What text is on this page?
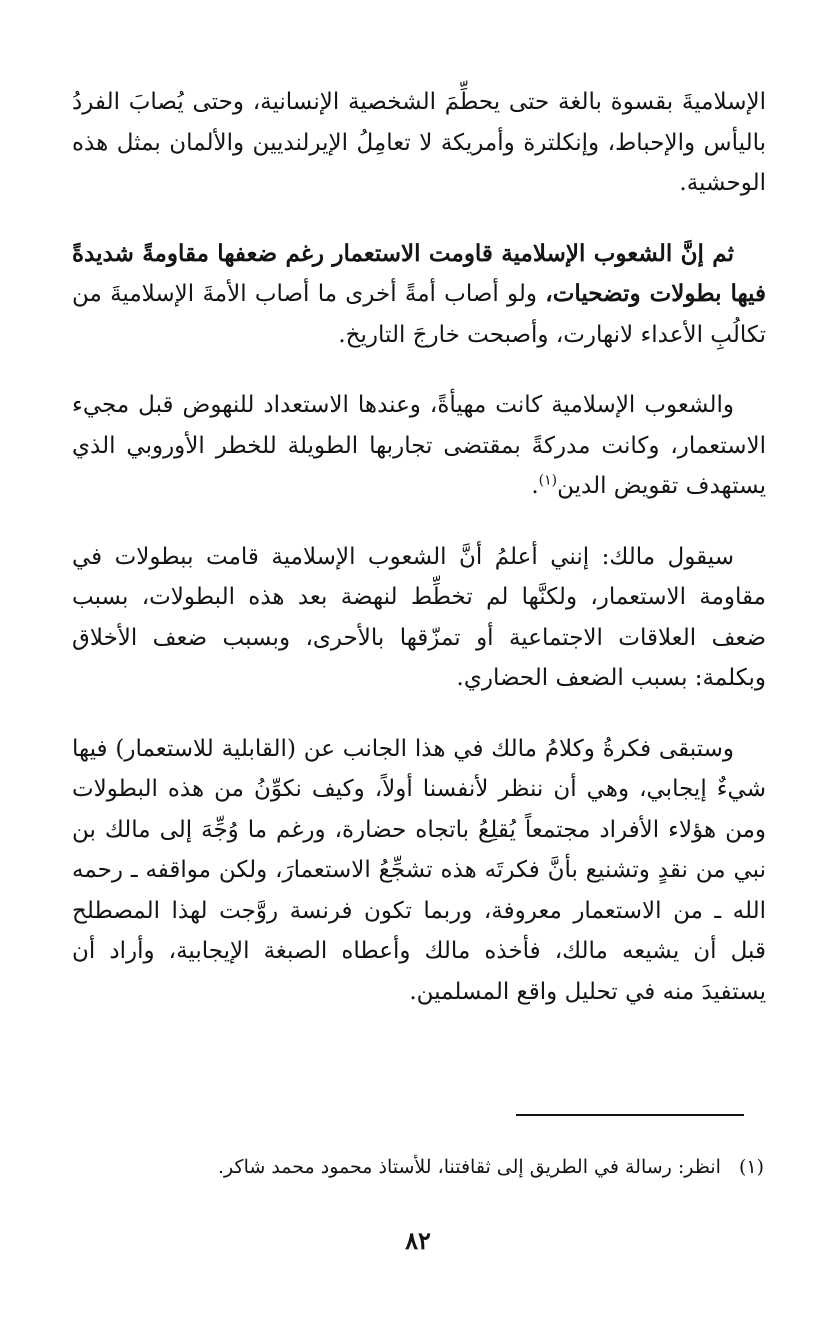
الإسلاميةَ بقسوة بالغة حتى يحطِّمَ الشخصية الإنسانية، وحتى يُصابَ الفردُ باليأس والإحباط، وإنكلترة وأمريكة لا تعامِلُ الإيرلنديين والألمان بمثل هذه الوحشية.

ثم إنَّ الشعوب الإسلامية قاومت الاستعمار رغم ضعفها مقاومةً شديدةً فيها بطولات وتضحيات، ولو أصاب أمةً أخرى ما أصاب الأمةَ الإسلاميةَ من تكالُبِ الأعداء لانهارت، وأصبحت خارجَ التاريخ.

والشعوب الإسلامية كانت مهيأةً، وعندها الاستعداد للنهوض قبل مجيء الاستعمار، وكانت مدركةً بمقتضى تجاربها الطويلة للخطر الأوروبي الذي يستهدف تقويض الدين$^{(١)}$.

سيقول مالك: إنني أعلمُ أنَّ الشعوب الإسلامية قامت ببطولات في مقاومة الاستعمار، ولكنَّها لم تخطِّط لنهضة بعد هذه البطولات، بسبب ضعف العلاقات الاجتماعية أو تمزّقها بالأحرى، وبسبب ضعف الأخلاق وبكلمة: بسبب الضعف الحضاري.

وستبقى فكرةُ وكلامُ مالك في هذا الجانب عن (القابلية للاستعمار) فيها شيءٌ إيجابي، وهي أن ننظر لأنفسنا أولاً، وكيف نكوِّنُ من هذه البطولات ومن هؤلاء الأفراد مجتمعاً يُقلِعُ باتجاه حضارة، ورغم ما وُجِّهَ إلى مالك بن نبي من نقدٍ وتشنيع بأنَّ فكرتَه هذه تشجِّعُ الاستعمارَ، ولكن مواقفه ـ رحمه الله ـ من الاستعمار معروفة، وربما تكون فرنسة روَّجت لهذا المصطلح قبل أن يشيعه مالك، فأخذه مالك وأعطاه الصبغة الإيجابية، وأراد أن يستفيدَ منه في تحليل واقع المسلمين.

(١)انظر: رسالة في الطريق إلى ثقافتنا، للأستاذ محمود محمد شاكر.
٨٢
